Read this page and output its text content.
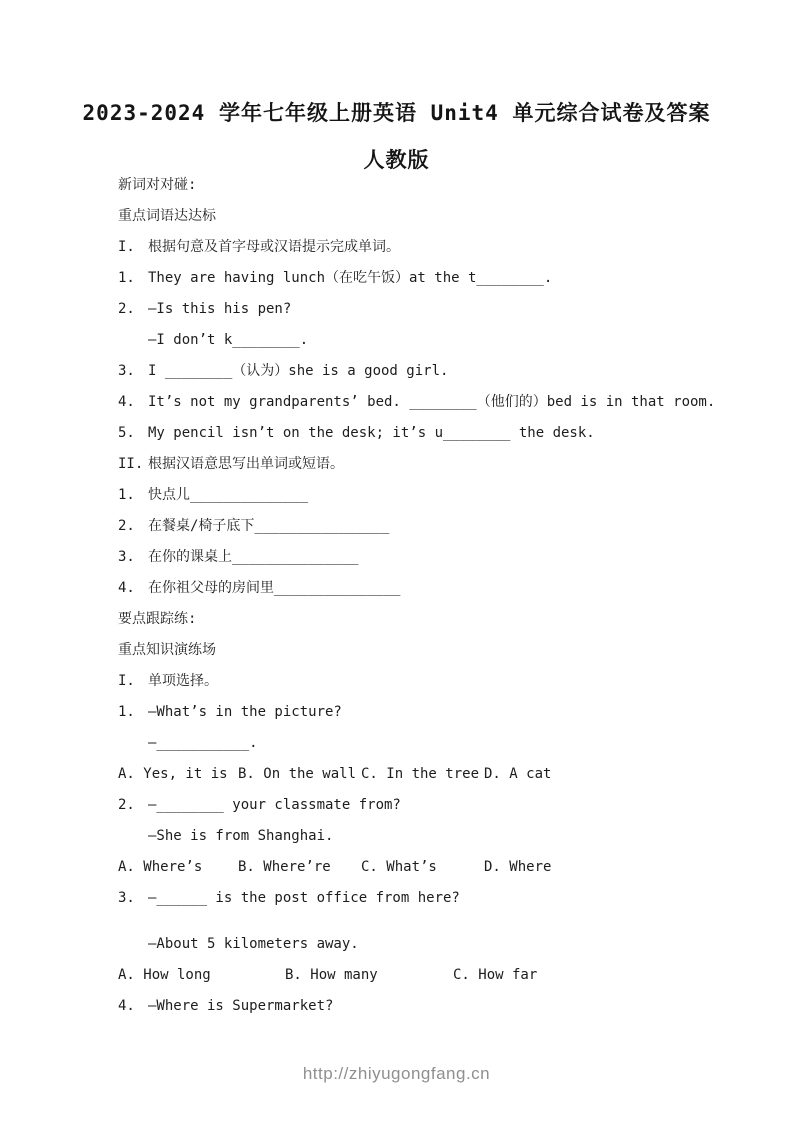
2023-2024 学年七年级上册英语 Unit4 单元综合试卷及答案
人教版
新词对对碰:
重点词语达达标
I. 根据句意及首字母或汉语提示完成单词。
1. They are having lunch（在吃午饭）at the t________.
2. —Is this his pen?
—I don’t k________.
3. I ________（认为）she is a good girl.
4. It’s not my grandparents’ bed. ________（他们的）bed is in that room.
5. My pencil isn’t on the desk; it’s u________ the desk.
II. 根据汉语意思写出单词或短语。
1. 快点儿______________
2. 在餐桌/椅子底下________________
3. 在你的课桌上_______________
4. 在你祖父母的房间里_______________
要点跟踪练:
重点知识演练场
I. 单项选择。
1. —What’s in the picture?
—___________.
A. Yes, it is B. On the wall C. In the tree D. A cat
2. —________ your classmate from?
—She is from Shanghai.
A. Where’s	B. Where’re C. What’s	D. Where
3. —______ is the post office from here?
—About 5 kilometers away.
A. How long	B. How many	C. How far
4. —Where is Supermarket?
http://zhiyugongfang.cn
